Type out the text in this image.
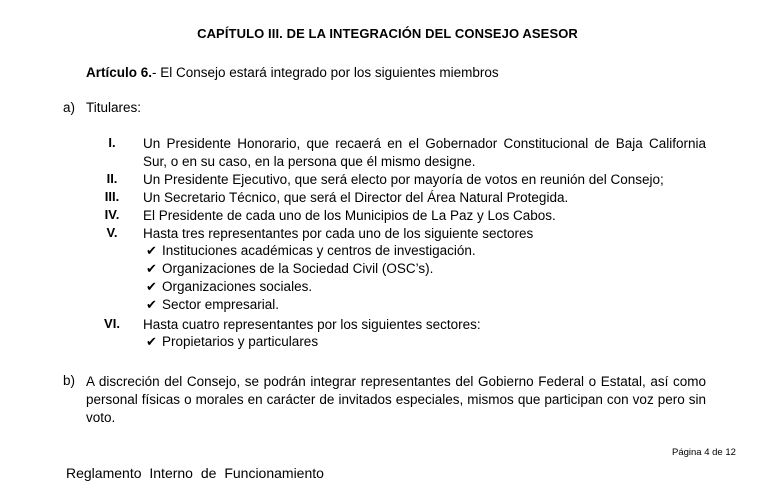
CAPÍTULO III. DE LA INTEGRACIÓN DEL CONSEJO ASESOR
Artículo 6.- El Consejo estará integrado por los siguientes miembros
a) Titulares:
I.	Un Presidente Honorario, que recaerá en el Gobernador Constitucional de Baja California Sur, o en su caso, en la persona que él mismo designe.
II.	Un Presidente Ejecutivo, que será electo por mayoría de votos en reunión del Consejo;
III.	Un Secretario Técnico, que será el Director del Área Natural Protegida.
IV.	El Presidente de cada uno de los Municipios de La Paz y Los Cabos.
V.	Hasta tres representantes por cada uno de los siguiente sectores
✔ Instituciones académicas y centros de investigación.
✔ Organizaciones de la Sociedad Civil (OSC’s).
✔ Organizaciones sociales.
✔ Sector empresarial.
VI.	Hasta cuatro representantes por los siguientes sectores:
✔ Propietarios y particulares
b) A discreción del Consejo, se podrán integrar representantes del Gobierno Federal o Estatal, así como personal físicas o morales en carácter de invitados especiales, mismos que participan con voz pero sin voto.
Página 4 de 12
Reglamento Interno de Funcionamiento
